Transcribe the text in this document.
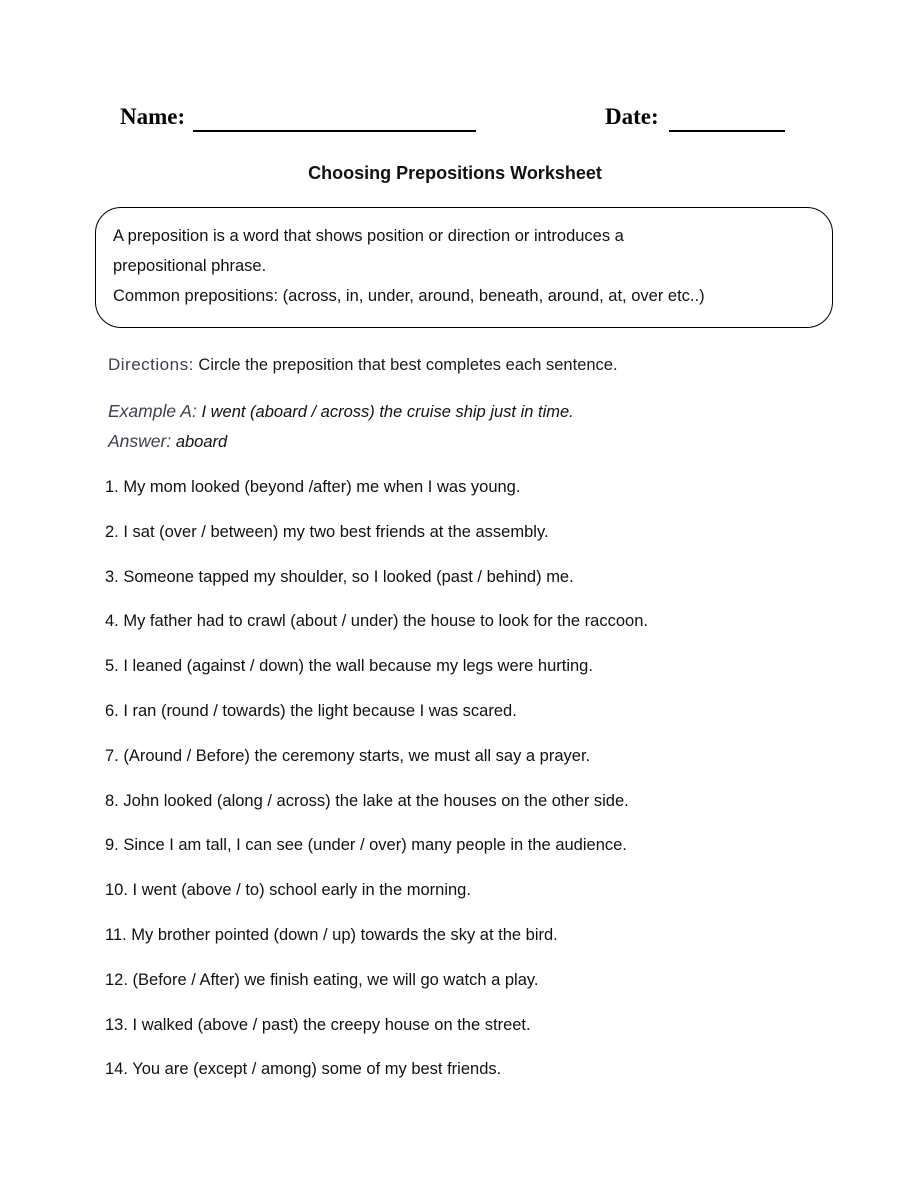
Name:	Date:
Choosing Prepositions Worksheet

A preposition is a word that shows position or direction or introduces a prepositional phrase.

Common prepositions: (across, in, under, around, beneath, around, at, over etc..)

Directions: Circle the preposition that best completes each sentence.
Example A: I went (aboard / across) the cruise ship just in time.
Answer: aboard
1. My mom looked (beyond /after) me when I was young.
2. I sat (over / between) my two best friends at the assembly.
3. Someone tapped my shoulder, so I looked (past / behind) me.
4. My father had to crawl (about / under) the house to look for the raccoon.
5. I leaned (against / down) the wall because my legs were hurting.
6. I ran (round / towards) the light because I was scared.
7. (Around / Before) the ceremony starts, we must all say a prayer.
8. John looked (along / across) the lake at the houses on the other side.
9. Since I am tall, I can see (under / over) many people in the audience.
10. I went (above / to) school early in the morning.
11. My brother pointed (down / up) towards the sky at the bird.
12. (Before / After) we finish eating, we will go watch a play.
13. I walked (above / past) the creepy house on the street.
14. You are (except / among) some of my best friends.
